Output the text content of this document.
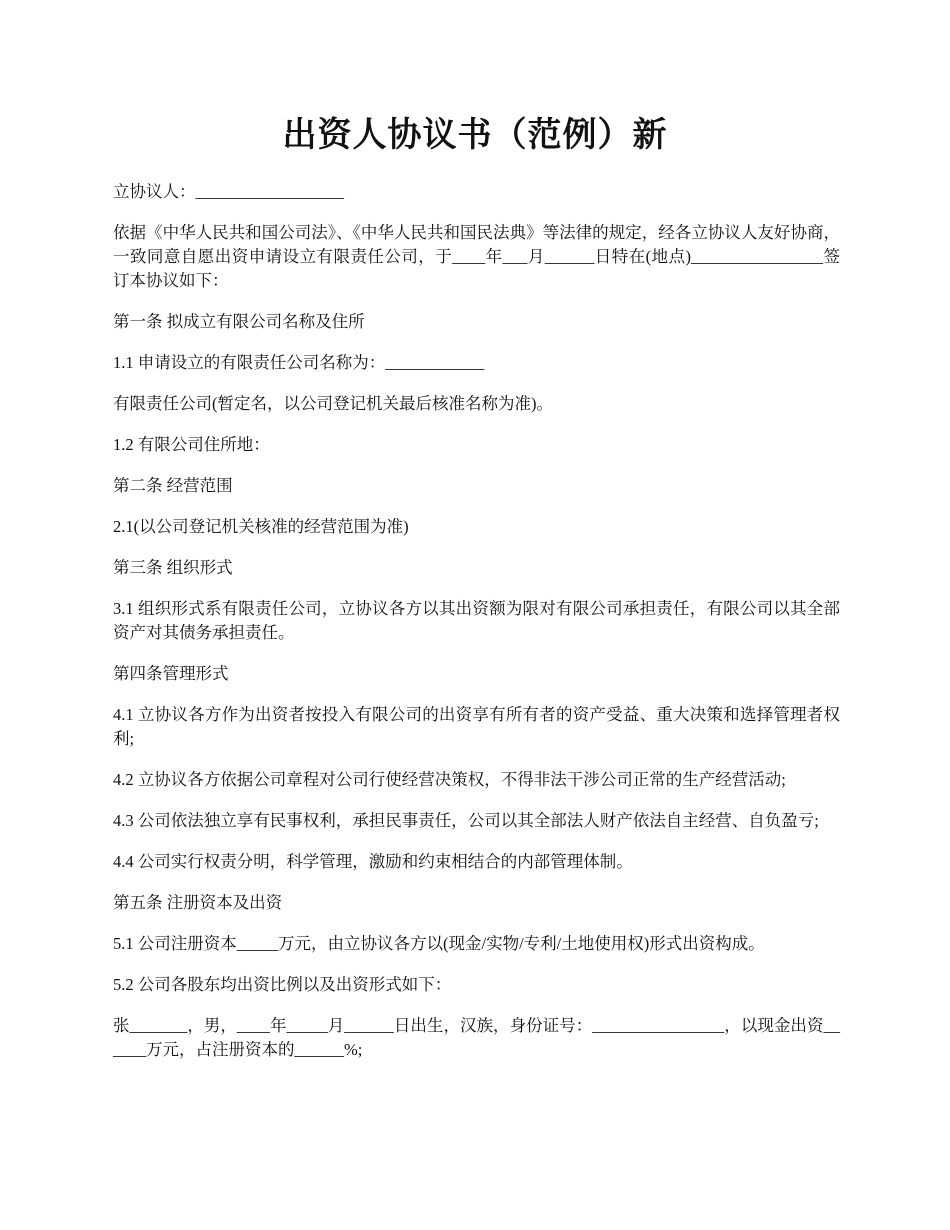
出资人协议书（范例）新

立协议人：__________________

依据《中华人民共和国公司法》、《中华人民共和国民法典》等法律的规定，经各立协议人友好协商，一致同意自愿出资申请设立有限责任公司，于____年___月______日特在(地点)________________签订本协议如下：

第一条 拟成立有限公司名称及住所

1.1 申请设立的有限责任公司名称为：____________

有限责任公司(暂定名，以公司登记机关最后核准名称为准)。

1.2 有限公司住所地：

第二条 经营范围

2.1(以公司登记机关核准的经营范围为准)

第三条 组织形式

3.1 组织形式系有限责任公司，立协议各方以其出资额为限对有限公司承担责任，有限公司以其全部资产对其债务承担责任。

第四条管理形式

4.1 立协议各方作为出资者按投入有限公司的出资享有所有者的资产受益、重大决策和选择管理者权利;

4.2 立协议各方依据公司章程对公司行使经营决策权，不得非法干涉公司正常的生产经营活动;

4.3 公司依法独立享有民事权利，承担民事责任，公司以其全部法人财产依法自主经营、自负盈亏;

4.4 公司实行权责分明，科学管理，激励和约束相结合的内部管理体制。

第五条 注册资本及出资

5.1 公司注册资本_____万元，由立协议各方以(现金/实物/专利/土地使用权)形式出资构成。

5.2 公司各股东均出资比例以及出资形式如下：

张_______，男，____年_____月______日出生，汉族，身份证号：________________，以现金出资______万元，占注册资本的______%;
